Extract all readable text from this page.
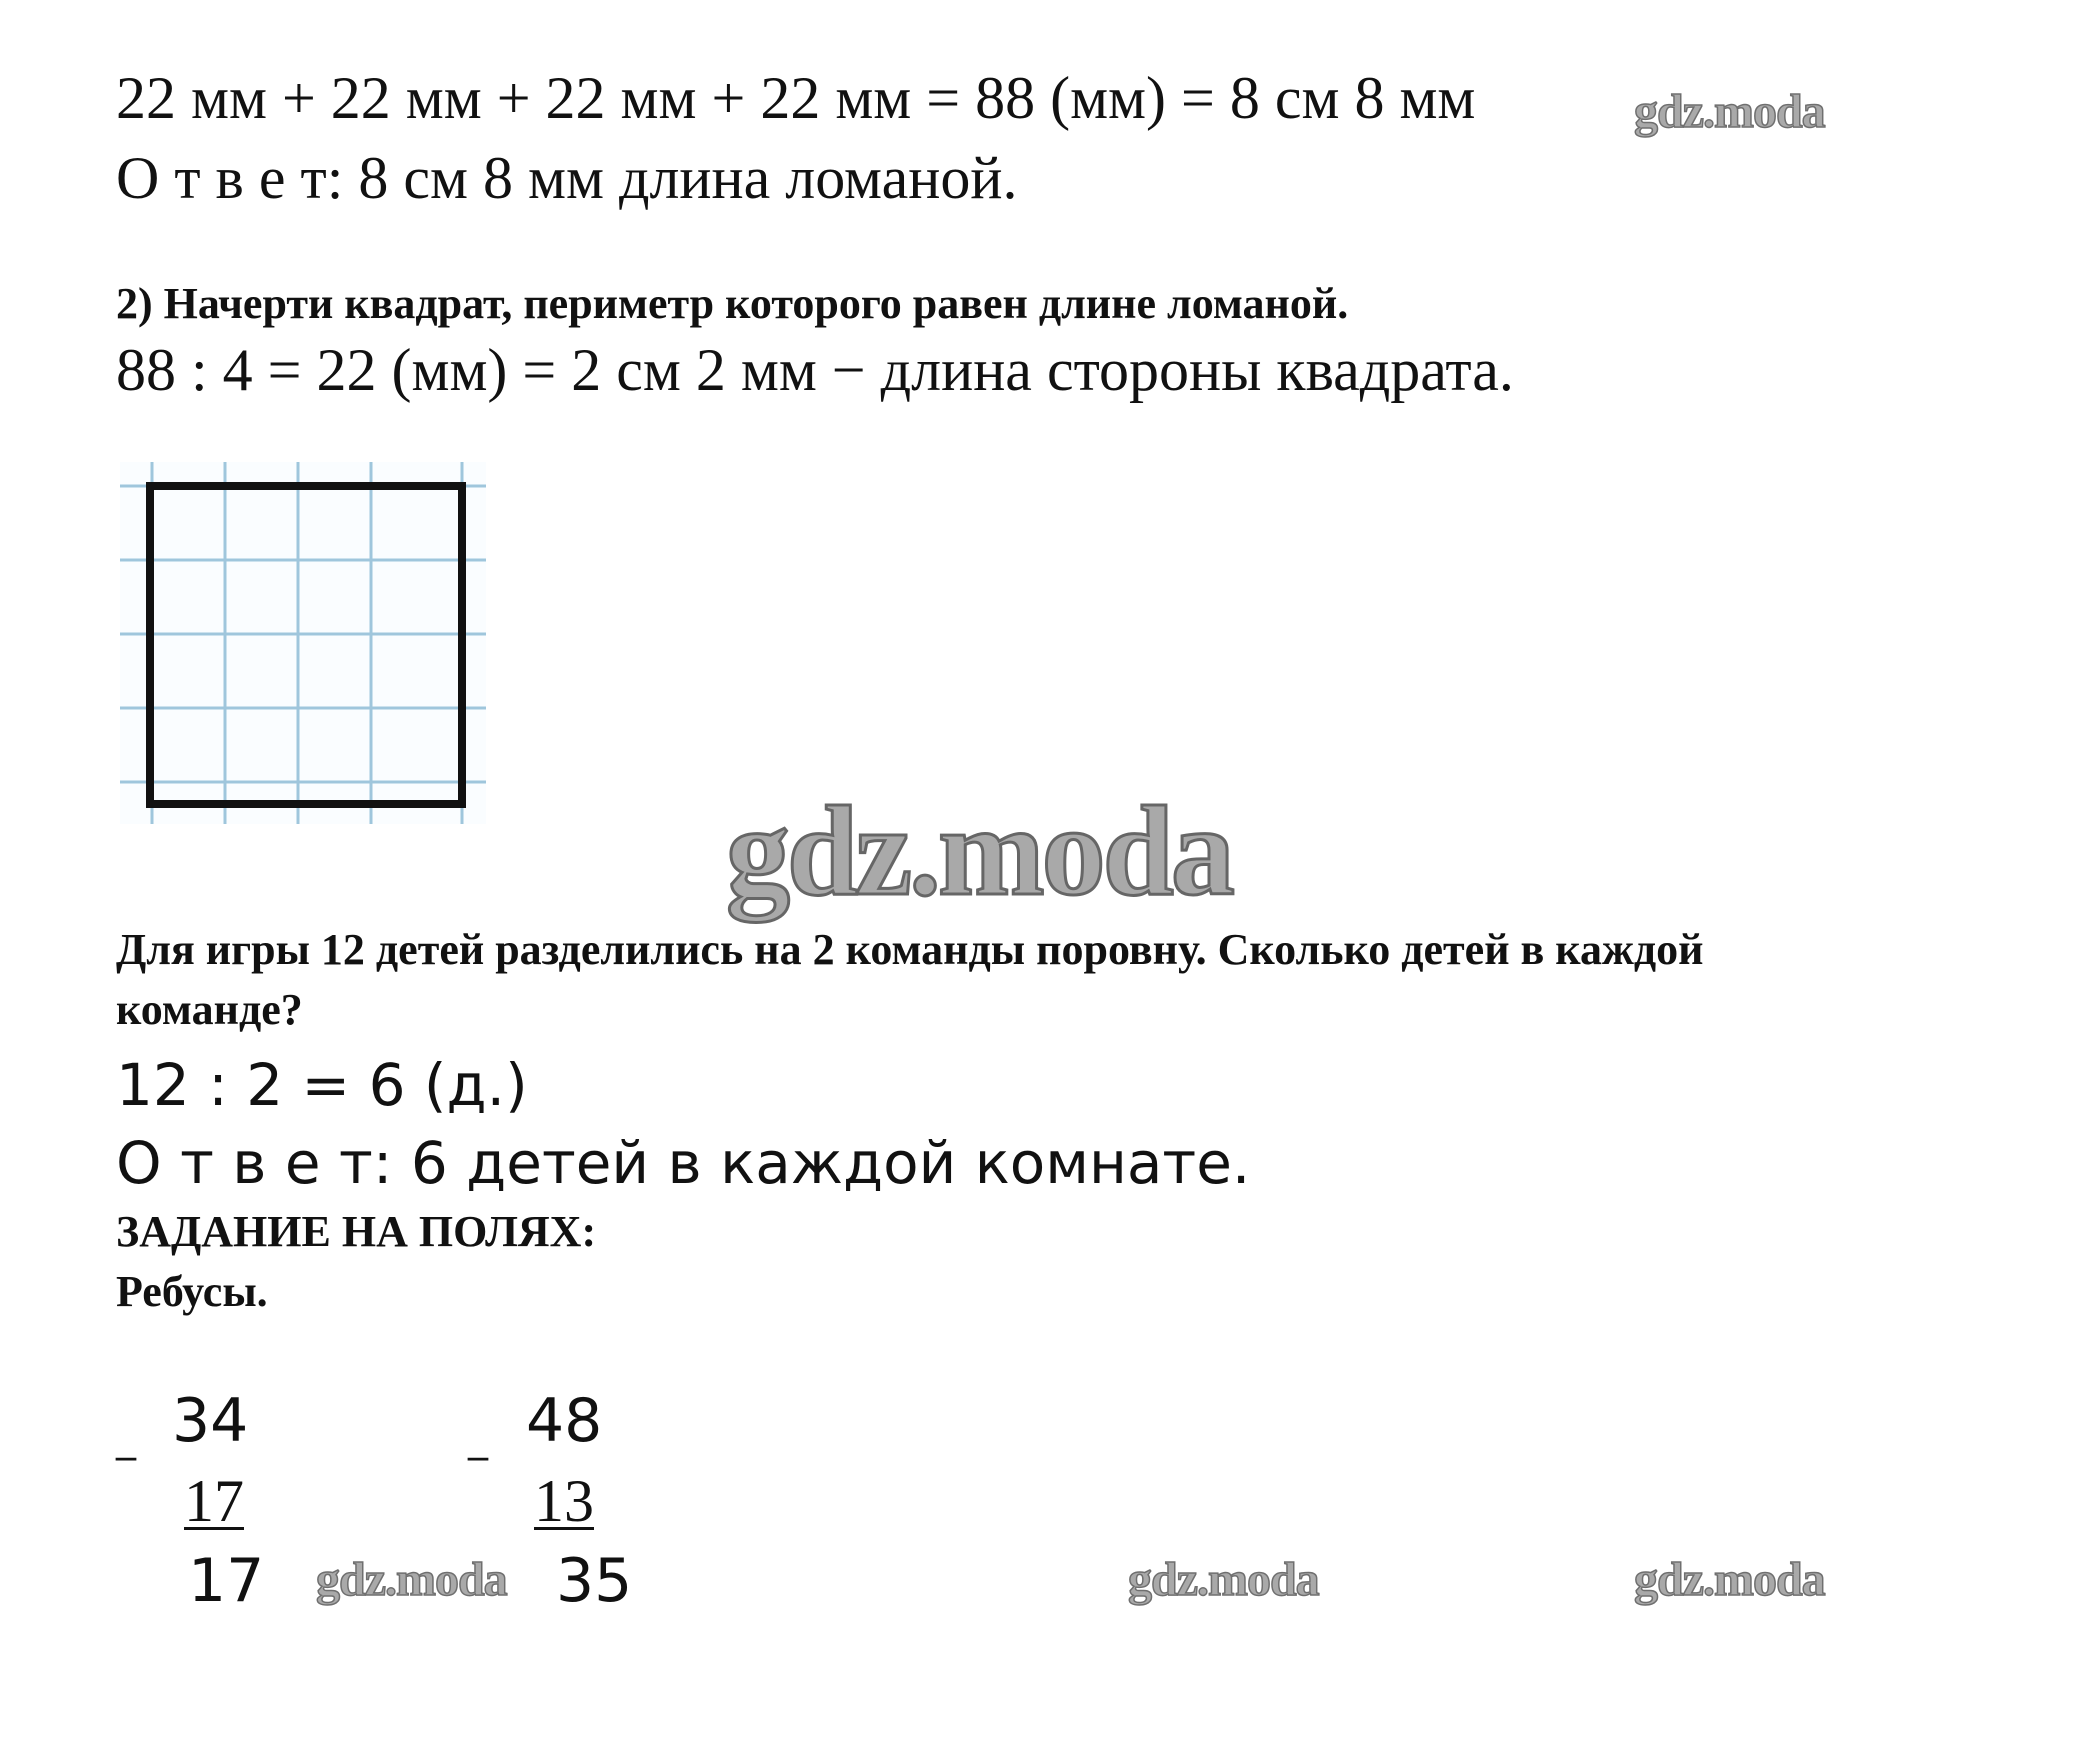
22 мм + 22 мм + 22 мм + 22 мм = 88 (мм) = 8 см 8 мм	gdz.moda
О т в е т: 8 см 8 мм длина ломаной.
2) Начерти квадрат, периметр которого равен длине ломаной.
88 : 4 = 22 (мм) = 2 см 2 мм − длина стороны квадрата.
gdz.moda
Для игры 12 детей разделились на 2 команды поровну. Сколько детей в каждой
команде?
12 : 2 = 6 (д.)
О т в е т: 6 детей в каждой комнате.
ЗАДАНИЕ НА ПОЛЯХ:
Ребусы.
_ 34
17
17
_ 48
13
35
gdz.moda	gdz.moda	gdz.moda
